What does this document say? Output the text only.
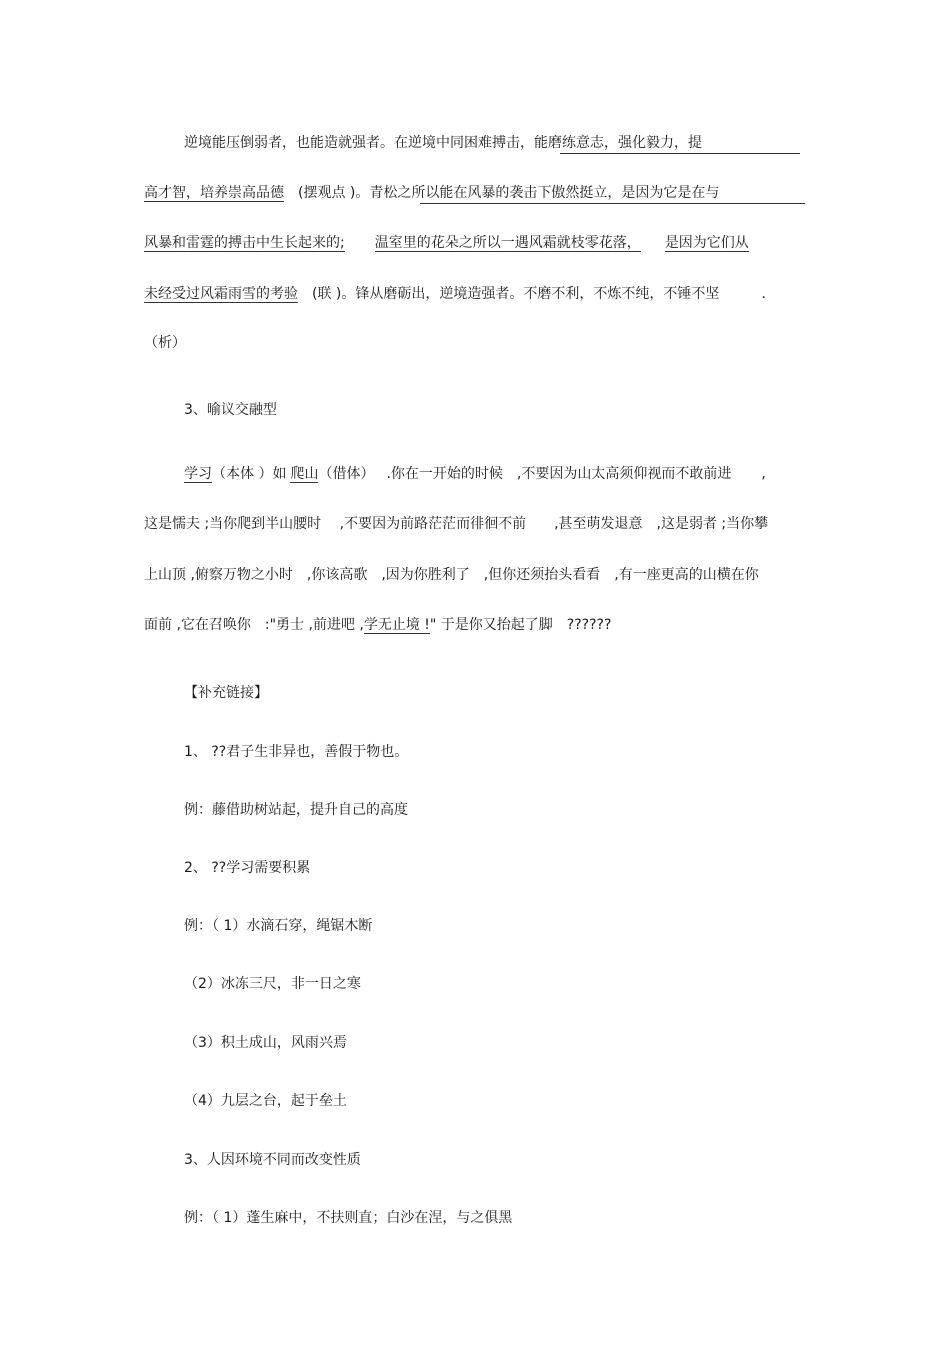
逆境能压倒弱者，也能造就强者。在逆境中同困难搏击，能磨练意志，强化毅力，提

高才智，培养崇高品德　(摆观点 )。青松之所以能在风暴的袭击下傲然挺立，是因为它是在与

风暴和雷霆的搏击中生长起来的; 温室里的花朵之所以一遇风霜就枝零花落， 是因为它们从

未经受过风霜雨雪的考验　(联 )。锋从磨砺出，逆境造强者。不磨不利，不炼不纯，不锤不坚	.

（析）

3、喻议交融型

学习（本体 ）如 爬山（借体） .你在一开始的时候 ,不要因为山太高须仰视而不敢前进 ,

这是懦夫 ;当你爬到半山腰时　 ,不要因为前路茫茫而徘徊不前　　,甚至萌发退意　,这是弱者 ;当你攀

上山顶 ,俯察万物之小时　,你该高歌　,因为你胜利了　,但你还须抬头看看　,有一座更高的山横在你

面前 ,它在召唤你　:"勇士 ,前进吧 ,学无止境 !" 于是你又抬起了脚　??????

【补充链接】

1、 ??君子生非异也，善假于物也。

例：藤借助树站起，提升自己的高度

2、 ??学习需要积累

例：（ 1）水滴石穿，绳锯木断

（2）冰冻三尺，非一日之寒

（3）积土成山，风雨兴焉

（4）九层之台，起于垒土

3、人因环境不同而改变性质

例：（ 1）蓬生麻中，不扶则直；白沙在涅，与之俱黑
